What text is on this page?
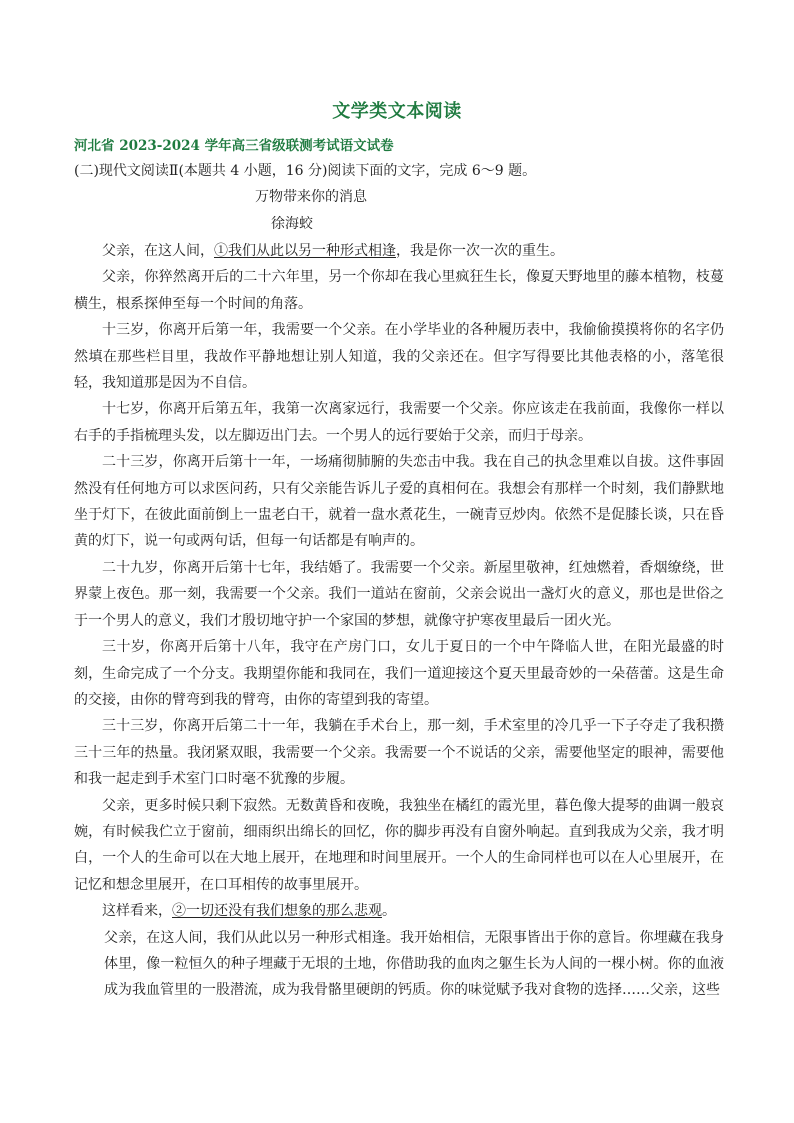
文学类文本阅读
河北省 2023-2024 学年高三省级联测考试语文试卷
(二)现代文阅读Ⅱ(本题共 4 小题，16 分)阅读下面的文字，完成 6～9 题。
万物带来你的消息
徐海蛟

父亲，在这人间，①我们从此以另一种形式相逢，我是你一次一次的重生。

父亲，你猝然离开后的二十六年里，另一个你却在我心里疯狂生长，像夏天野地里的藤本植物，枝蔓横生，根系探伸至每一个时间的角落。

十三岁，你离开后第一年，我需要一个父亲。在小学毕业的各种履历表中，我偷偷摸摸将你的名字仍然填在那些栏目里，我故作平静地想让别人知道，我的父亲还在。但字写得要比其他表格的小，落笔很轻，我知道那是因为不自信。

十七岁，你离开后第五年，我第一次离家远行，我需要一个父亲。你应该走在我前面，我像你一样以右手的手指梳理头发，以左脚迈出门去。一个男人的远行要始于父亲，而归于母亲。

二十三岁，你离开后第十一年，一场痛彻肺腑的失恋击中我。我在自己的执念里难以自拔。这件事固然没有任何地方可以求医问药，只有父亲能告诉儿子爱的真相何在。我想会有那样一个时刻，我们静默地坐于灯下，在彼此面前倒上一盅老白干，就着一盘水煮花生，一碗青豆炒肉。依然不是促膝长谈，只在昏黄的灯下，说一句或两句话，但每一句话都是有响声的。

二十九岁，你离开后第十七年，我结婚了。我需要一个父亲。新屋里敬神，红烛燃着，香烟缭绕，世界蒙上夜色。那一刻，我需要一个父亲。我们一道站在窗前，父亲会说出一盏灯火的意义，那也是世俗之于一个男人的意义，我们才殷切地守护一个家国的梦想，就像守护寒夜里最后一团火光。

三十岁，你离开后第十八年，我守在产房门口，女儿于夏日的一个中午降临人世，在阳光最盛的时刻，生命完成了一个分支。我期望你能和我同在，我们一道迎接这个夏天里最奇妙的一朵蓓蕾。这是生命的交接，由你的臂弯到我的臂弯，由你的寄望到我的寄望。

三十三岁，你离开后第二十一年，我躺在手术台上，那一刻，手术室里的冷几乎一下子夺走了我积攒三十三年的热量。我闭紧双眼，我需要一个父亲。我需要一个不说话的父亲，需要他坚定的眼神，需要他和我一起走到手术室门口时毫不犹豫的步履。

父亲，更多时候只剩下寂然。无数黄昏和夜晚，我独坐在橘红的霞光里，暮色像大提琴的曲调一般哀婉，有时候我伫立于窗前，细雨织出绵长的回忆，你的脚步再没有自窗外响起。直到我成为父亲，我才明白，一个人的生命可以在大地上展开，在地理和时间里展开。一个人的生命同样也可以在人心里展开，在记忆和想念里展开，在口耳相传的故事里展开。

这样看来，②一切还没有我们想象的那么悲观。

父亲，在这人间，我们从此以另一种形式相逢。我开始相信，无限事皆出于你的意旨。你埋藏在我身体里，像一粒恒久的种子埋藏于无垠的土地，你借助我的血肉之躯生长为人间的一棵小树。你的血液成为我血管里的一股潜流，成为我骨骼里硬朗的钙质。你的味觉赋予我对食物的选择……父亲，这些
